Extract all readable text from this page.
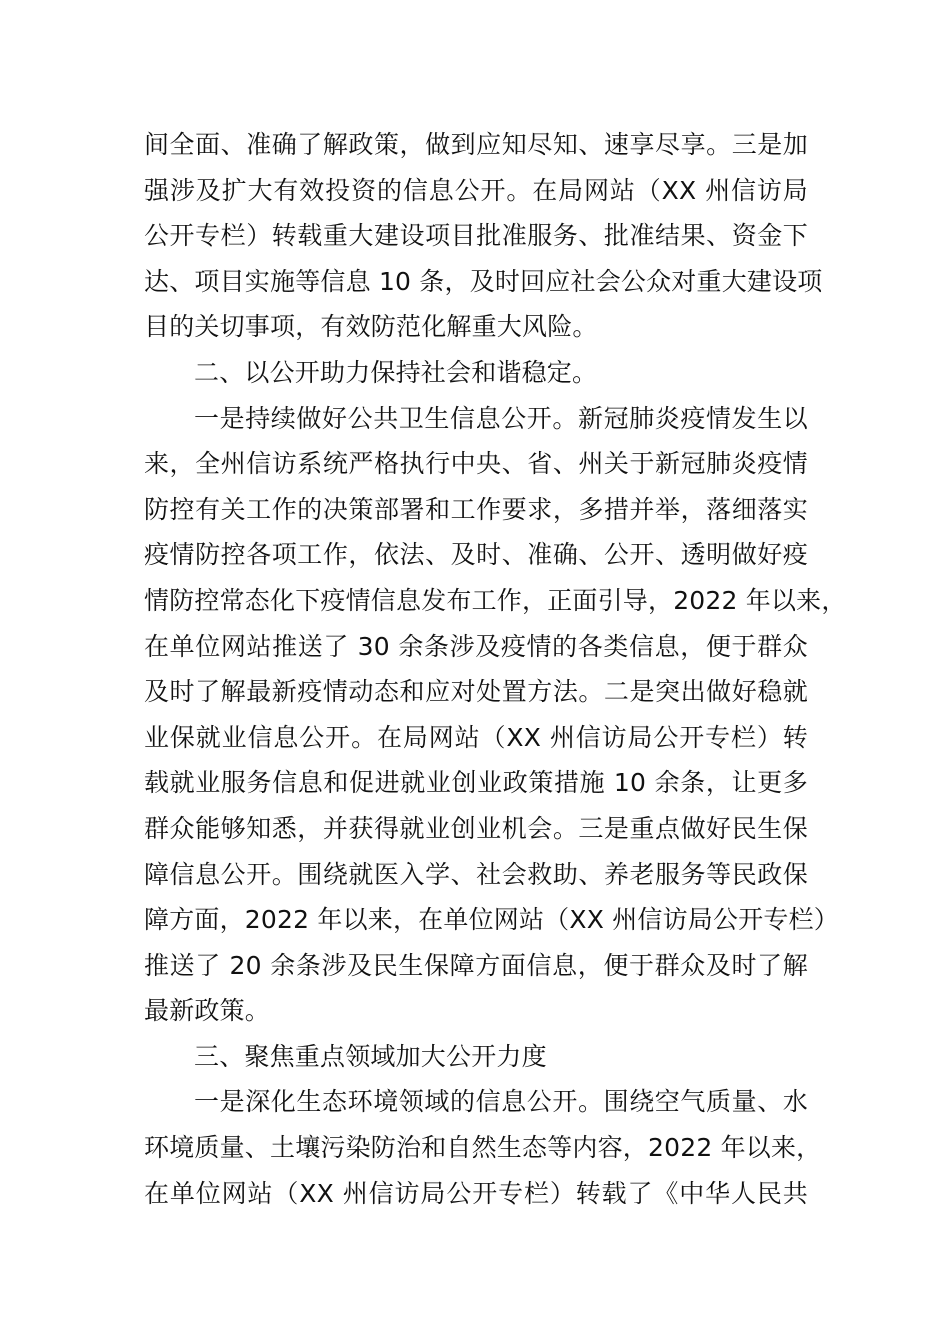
间全面、准确了解政策，做到应知尽知、速享尽享。三是加
强涉及扩大有效投资的信息公开。在局网站（XX 州信访局
公开专栏）转载重大建设项目批准服务、批准结果、资金下
达、项目实施等信息 10 条，及时回应社会公众对重大建设项
目的关切事项，有效防范化解重大风险。
二、以公开助力保持社会和谐稳定。
一是持续做好公共卫生信息公开。新冠肺炎疫情发生以
来，全州信访系统严格执行中央、省、州关于新冠肺炎疫情
防控有关工作的决策部署和工作要求，多措并举，落细落实
疫情防控各项工作，依法、及时、准确、公开、透明做好疫
情防控常态化下疫情信息发布工作，正面引导，2022 年以来，
在单位网站推送了 30 余条涉及疫情的各类信息，便于群众
及时了解最新疫情动态和应对处置方法。二是突出做好稳就
业保就业信息公开。在局网站（XX 州信访局公开专栏）转
载就业服务信息和促进就业创业政策措施 10 余条，让更多
群众能够知悉，并获得就业创业机会。三是重点做好民生保
障信息公开。围绕就医入学、社会救助、养老服务等民政保
障方面，2022 年以来，在单位网站（XX 州信访局公开专栏）
推送了 20 余条涉及民生保障方面信息，便于群众及时了解
最新政策。
三、聚焦重点领域加大公开力度
一是深化生态环境领域的信息公开。围绕空气质量、水
环境质量、土壤污染防治和自然生态等内容，2022 年以来，
在单位网站（XX 州信访局公开专栏）转载了《中华人民共
